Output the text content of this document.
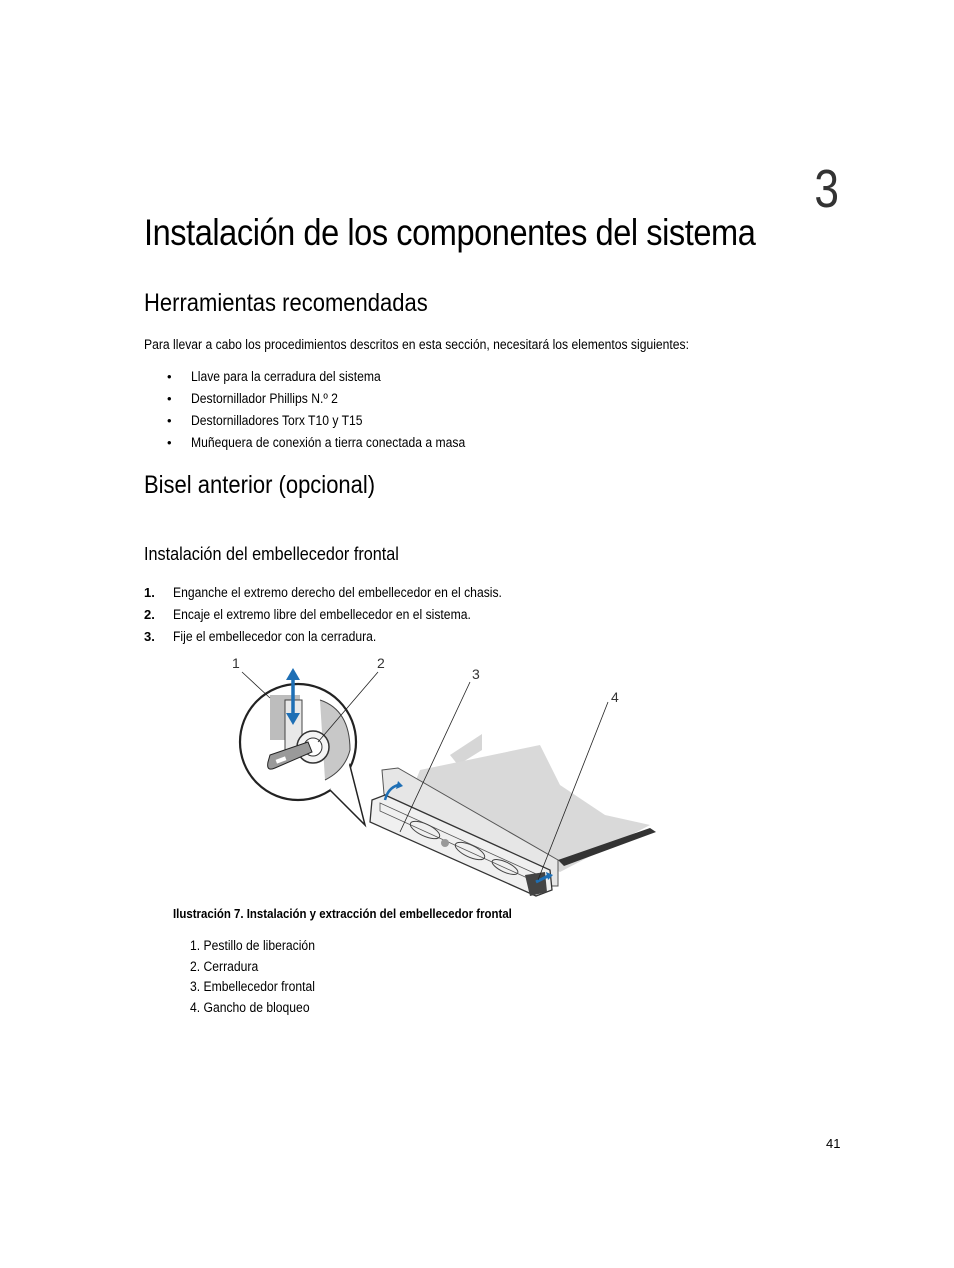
3
Instalación de los componentes del sistema
Herramientas recomendadas
Para llevar a cabo los procedimientos descritos en esta sección, necesitará los elementos siguientes:
• Llave para la cerradura del sistema
• Destornillador Phillips N.º 2
• Destornilladores Torx T10 y T15
• Muñequera de conexión a tierra conectada a masa
Bisel anterior (opcional)
Instalación del embellecedor frontal
1. Enganche el extremo derecho del embellecedor en el chasis.
2. Encaje el extremo libre del embellecedor en el sistema.
3. Fije el embellecedor con la cerradura.
1	2
3
4
Ilustración 7. Instalación y extracción del embellecedor frontal
1. Pestillo de liberación
2. Cerradura
3. Embellecedor frontal
4. Gancho de bloqueo
41
